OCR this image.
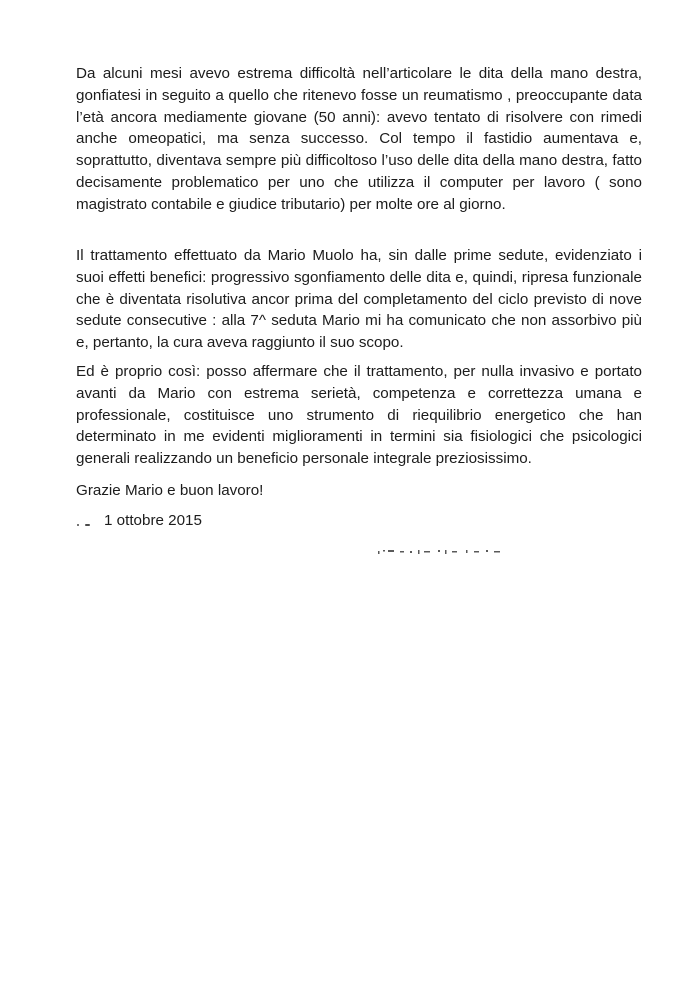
Da alcuni mesi avevo estrema difficoltà nell’articolare le dita della mano destra, gonfiatesi in seguito a quello che ritenevo fosse un reumatismo , preoccupante data l’età ancora mediamente giovane (50 anni): avevo tentato di risolvere con rimedi anche omeopatici, ma senza successo. Col tempo il fastidio aumentava e, soprattutto, diventava sempre più difficoltoso l’uso delle dita della mano destra, fatto decisamente problematico per uno che utilizza il computer per lavoro ( sono magistrato contabile e giudice tributario) per molte ore al giorno.

Il trattamento effettuato da Mario Muolo ha, sin dalle prime sedute, evidenziato i suoi effetti benefici: progressivo sgonfiamento delle dita e, quindi, ripresa funzionale che è diventata risolutiva ancor prima del completamento del ciclo previsto di nove sedute consecutive : alla 7^ seduta Mario mi ha comunicato che non assorbivo più e, pertanto, la cura aveva raggiunto il suo scopo.

Ed è proprio così: posso affermare che il trattamento, per nulla invasivo e portato avanti da Mario con estrema serietà, competenza e correttezza umana e professionale, costituisce uno strumento di riequilibrio energetico che han determinato in me evidenti miglioramenti in termini sia fisiologici che psicologici generali realizzando un beneficio personale integrale preziosissimo.

Grazie Mario e buon lavoro!

1 ottobre 2015
